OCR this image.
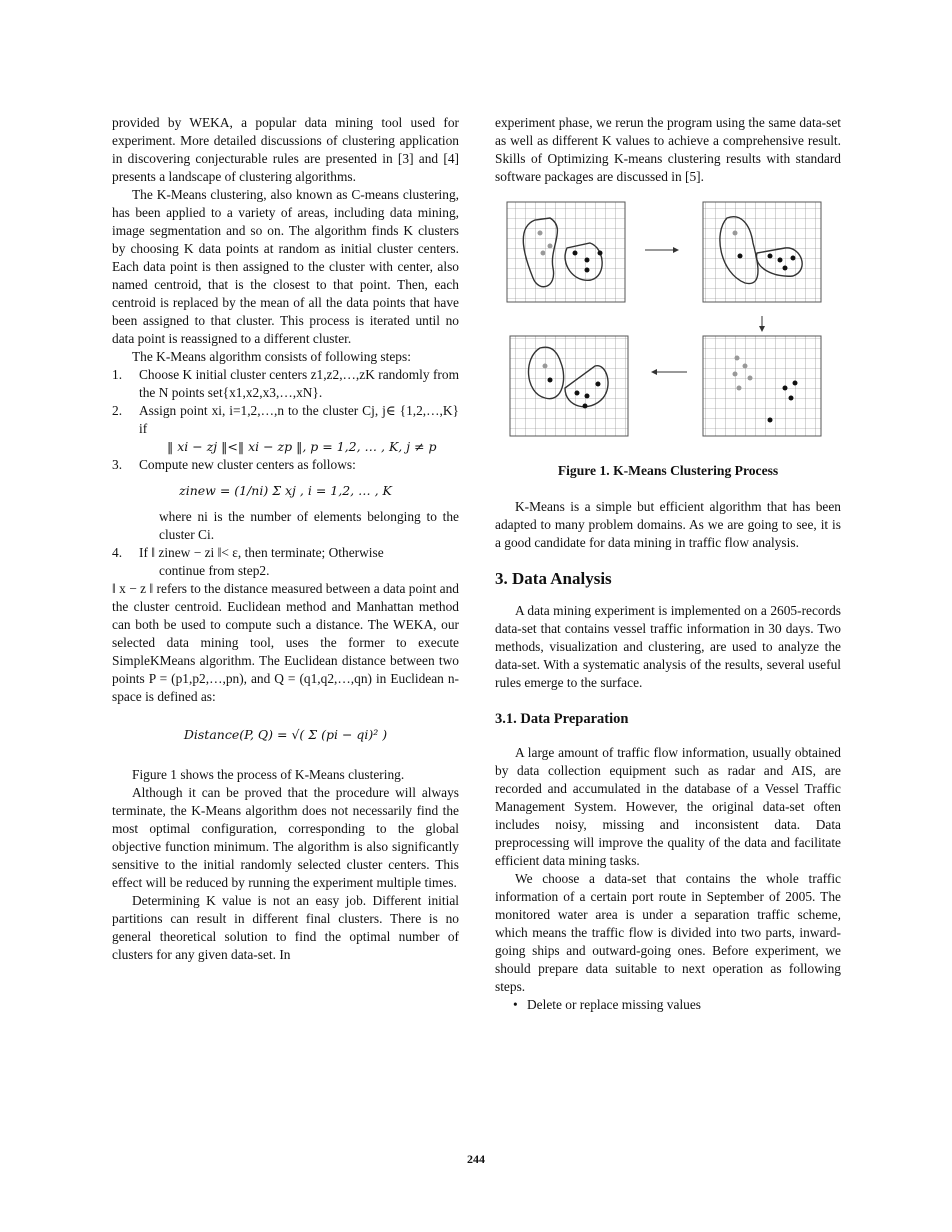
provided by WEKA, a popular data mining tool used for experiment. More detailed discussions of clustering application in discovering conjecturable rules are presented in [3] and [4] presents a landscape of clustering algorithms.

The K-Means clustering, also known as C-means clustering, has been applied to a variety of areas, including data mining, image segmentation and so on. The algorithm finds K clusters by choosing K data points at random as initial cluster centers. Each data point is then assigned to the cluster with center, also named centroid, that is the closest to that point. Then, each centroid is replaced by the mean of all the data points that have been assigned to that cluster. This process is iterated until no data point is reassigned to a different cluster.

The K-Means algorithm consists of following steps:

1.	Choose K initial cluster centers z1,z2,…,zK randomly from the N points set{x1,x2,x3,…,xN}.
2.	Assign point xi, i=1,2,…,n to the cluster Cj, j∈ {1,2,…,K} if
‖ xi − zj ‖<‖ xi − zp ‖, p = 1,2, … , K, j ≠ p
3.	Compute new cluster centers as follows:
zinew = (1/ni) Σ xj , i = 1,2, … , K
where ni is the number of elements belonging to the cluster Ci.
4.	If ‖ zinew − zi ‖< ε, then terminate; Otherwise
continue from step2.

‖ x − z ‖ refers to the distance measured between a data point and the cluster centroid. Euclidean method and Manhattan method can both be used to compute such a distance. The WEKA, our selected data mining tool, uses the former to execute SimpleKMeans algorithm. The Euclidean distance between two points P = (p1,p2,…,pn), and Q = (q1,q2,…,qn) in Euclidean n-space is defined as:

Distance(P, Q) = √( Σ (pi − qi)² )

Figure 1 shows the process of K-Means clustering.

Although it can be proved that the procedure will always terminate, the K-Means algorithm does not necessarily find the most optimal configuration, corresponding to the global objective function minimum. The algorithm is also significantly sensitive to the initial randomly selected cluster centers. This effect will be reduced by running the experiment multiple times.

Determining K value is not an easy job. Different initial partitions can result in different final clusters. There is no general theoretical solution to find the optimal number of clusters for any given data-set. In

experiment phase, we rerun the program using the same data-set as well as different K values to achieve a comprehensive result. Skills of Optimizing K-means clustering results with standard software packages are discussed in [5].

Figure 1. K-Means Clustering Process

K-Means is a simple but efficient algorithm that has been adapted to many problem domains. As we are going to see, it is a good candidate for data mining in traffic flow analysis.

3. Data Analysis

A data mining experiment is implemented on a 2605-records data-set that contains vessel traffic information in 30 days. Two methods, visualization and clustering, are used to analyze the data-set. With a systematic analysis of the results, several useful rules emerge to the surface.

3.1. Data Preparation

A large amount of traffic flow information, usually obtained by data collection equipment such as radar and AIS, are recorded and accumulated in the database of a Vessel Traffic Management System. However, the original data-set often includes noisy, missing and inconsistent data. Data preprocessing will improve the quality of the data and facilitate efficient data mining tasks.

We choose a data-set that contains the whole traffic information of a certain port route in September of 2005. The monitored water area is under a separation traffic scheme, which means the traffic flow is divided into two parts, inward-going ships and outward-going ones. Before experiment, we should prepare data suitable to next operation as following steps.

• Delete or replace missing values
244
